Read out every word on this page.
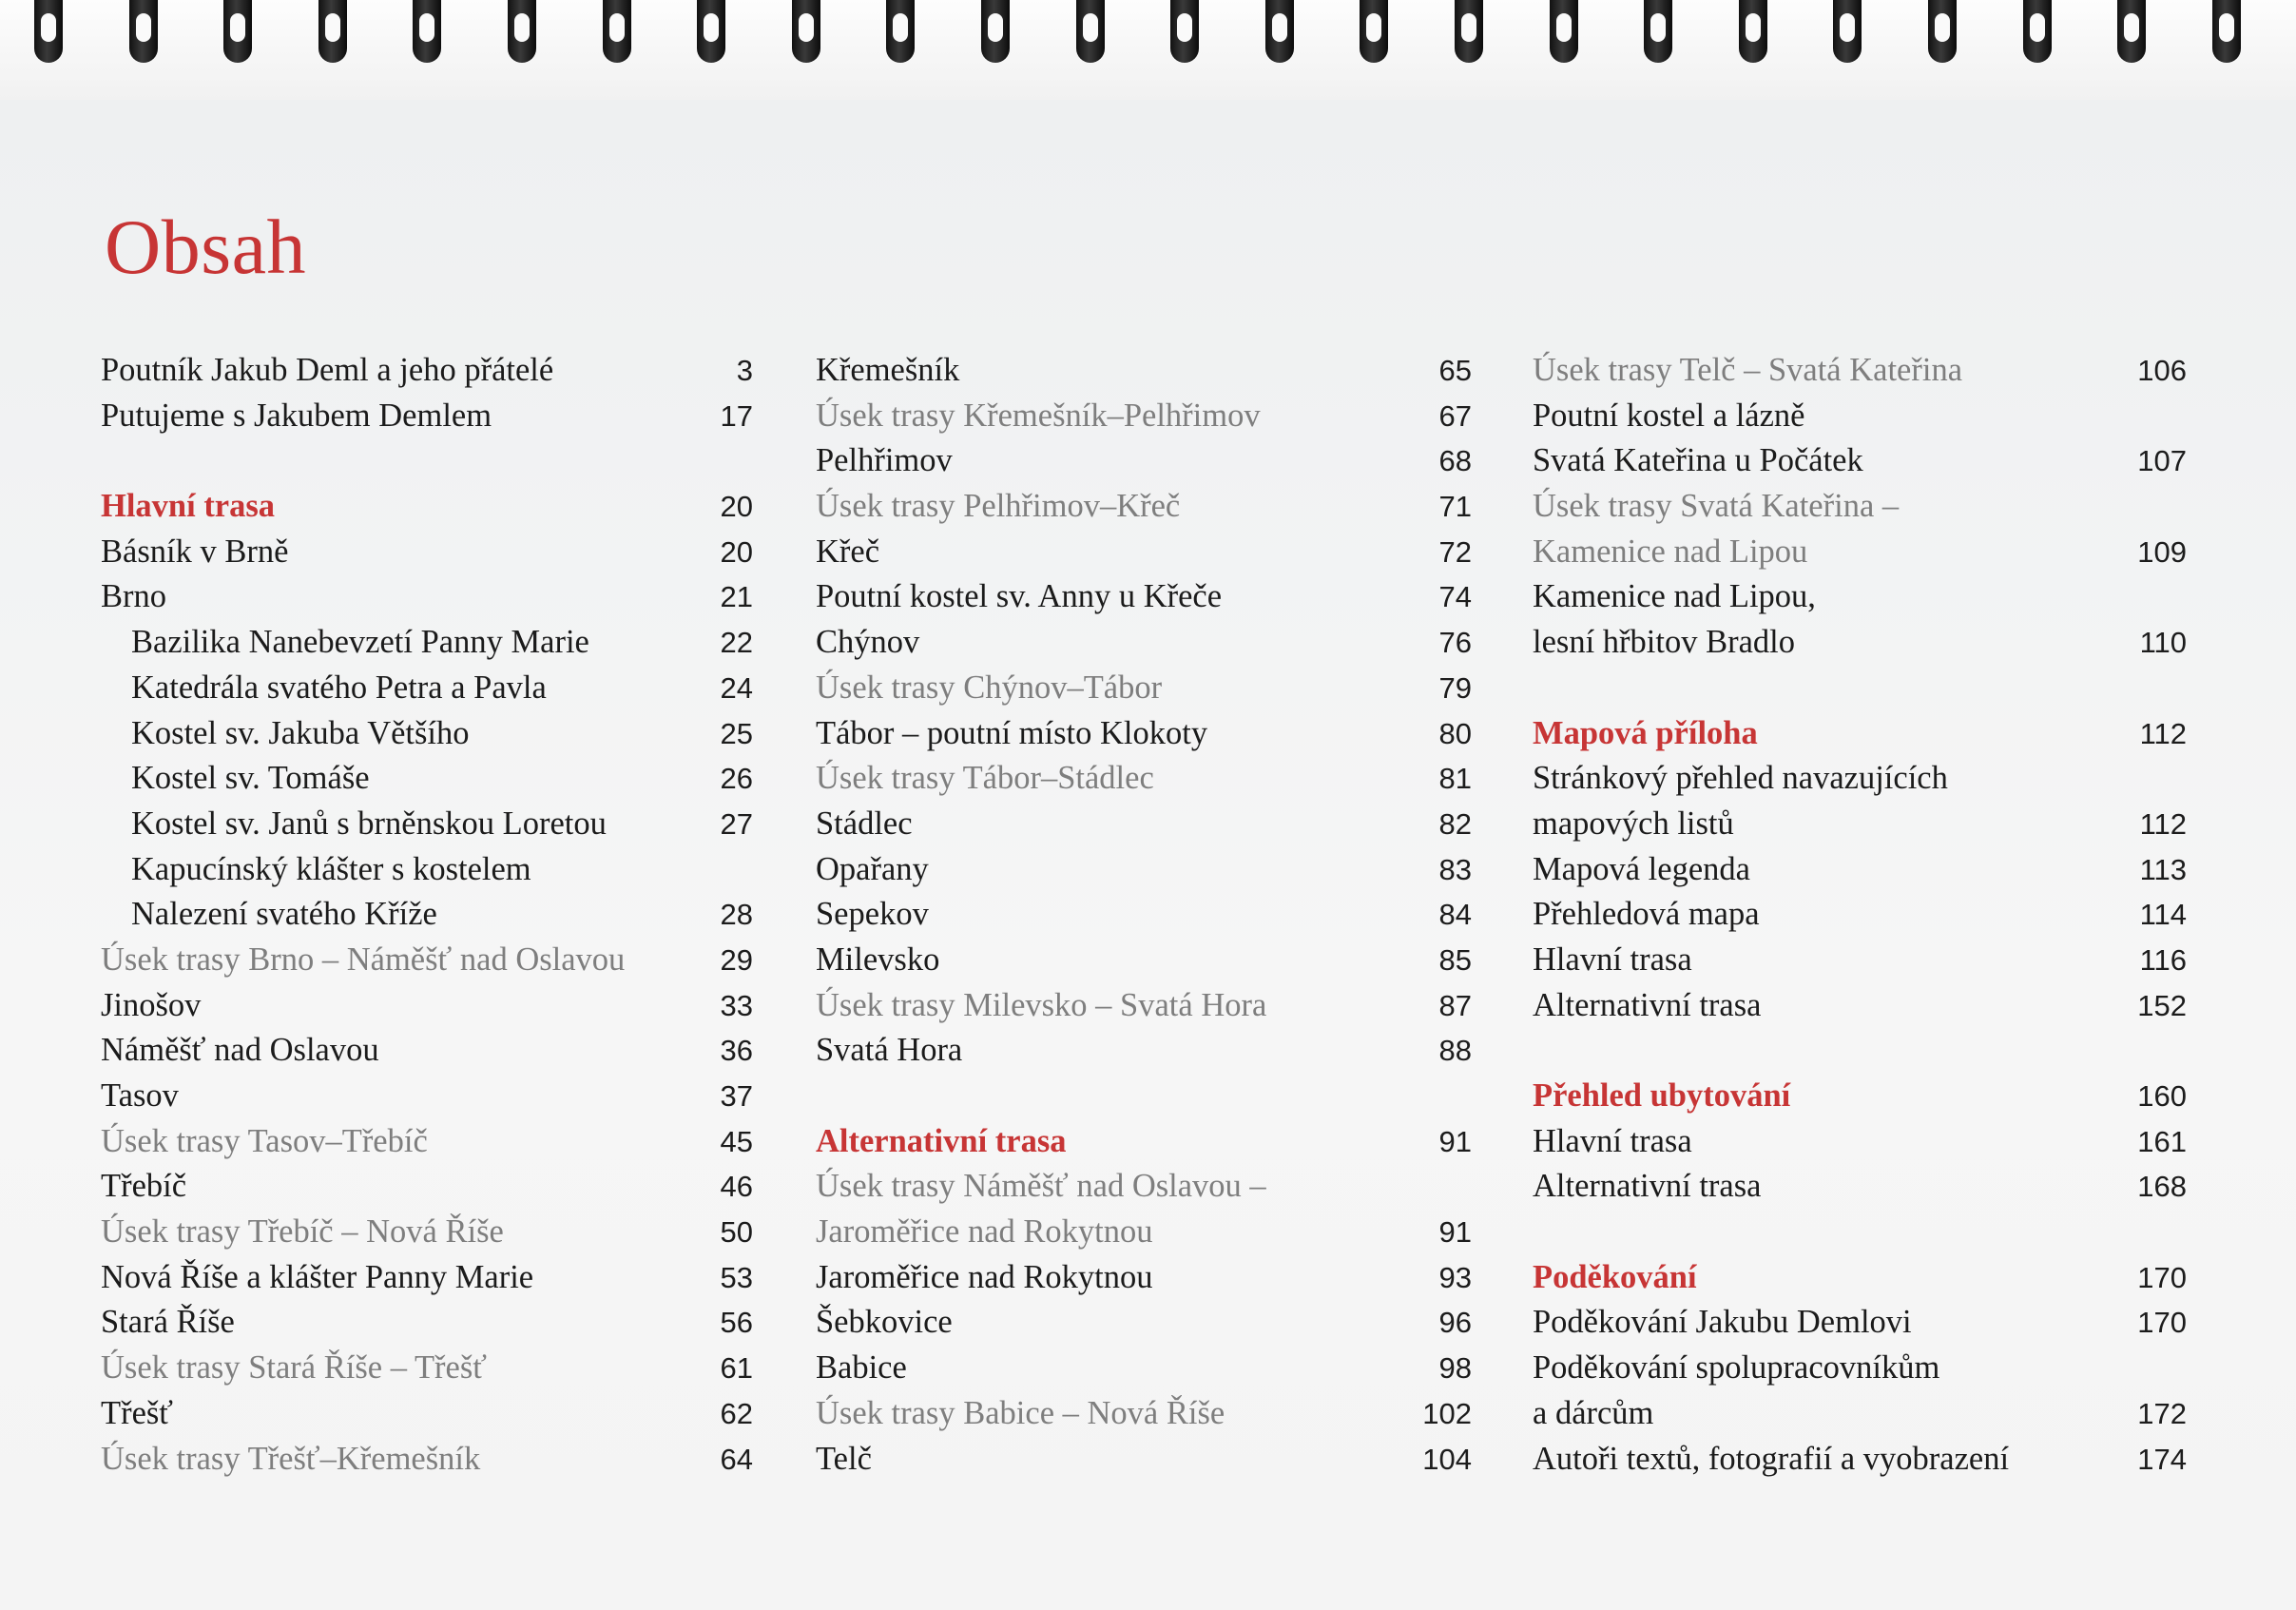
Obsah
Poutník Jakub Deml a jeho přátelé	3
Putujeme s Jakubem Demlem	17
Hlavní trasa	20
Básník v Brně	20
Brno	21
Bazilika Nanebevzetí Panny Marie	22
Katedrála svatého Petra a Pavla	24
Kostel sv. Jakuba Většího	25
Kostel sv. Tomáše	26
Kostel sv. Janů s brněnskou Loretou	27
Kapucínský klášter s kostelem
Nalezení svatého Kříže	28
Úsek trasy Brno – Náměšť nad Oslavou	29
Jinošov	33
Náměšť nad Oslavou	36
Tasov	37
Úsek trasy Tasov–Třebíč	45
Třebíč	46
Úsek trasy Třebíč – Nová Říše	50
Nová Říše a klášter Panny Marie	53
Stará Říše	56
Úsek trasy Stará Říše – Třešť	61
Třešť	62
Úsek trasy Třešť–Křemešník	64
Křemešník	65
Úsek trasy Křemešník–Pelhřimov	67
Pelhřimov	68
Úsek trasy Pelhřimov–Křeč	71
Křeč	72
Poutní kostel sv. Anny u Křeče	74
Chýnov	76
Úsek trasy Chýnov–Tábor	79
Tábor – poutní místo Klokoty	80
Úsek trasy Tábor–Stádlec	81
Stádlec	82
Opařany	83
Sepekov	84
Milevsko	85
Úsek trasy Milevsko – Svatá Hora	87
Svatá Hora	88
Alternativní trasa	91
Úsek trasy Náměšť nad Oslavou –
Jaroměřice nad Rokytnou	91
Jaroměřice nad Rokytnou	93
Šebkovice	96
Babice	98
Úsek trasy Babice – Nová Říše	102
Telč	104
Úsek trasy Telč – Svatá Kateřina	106
Poutní kostel a lázně
Svatá Kateřina u Počátek	107
Úsek trasy Svatá Kateřina –
Kamenice nad Lipou	109
Kamenice nad Lipou,
lesní hřbitov Bradlo	110
Mapová příloha	112
Stránkový přehled navazujících
mapových listů	112
Mapová legenda	113
Přehledová mapa	114
Hlavní trasa	116
Alternativní trasa	152
Přehled ubytování	160
Hlavní trasa	161
Alternativní trasa	168
Poděkování	170
Poděkování Jakubu Demlovi	170
Poděkování spolupracovníkům
a dárcům	172
Autoři textů, fotografií a vyobrazení	174
